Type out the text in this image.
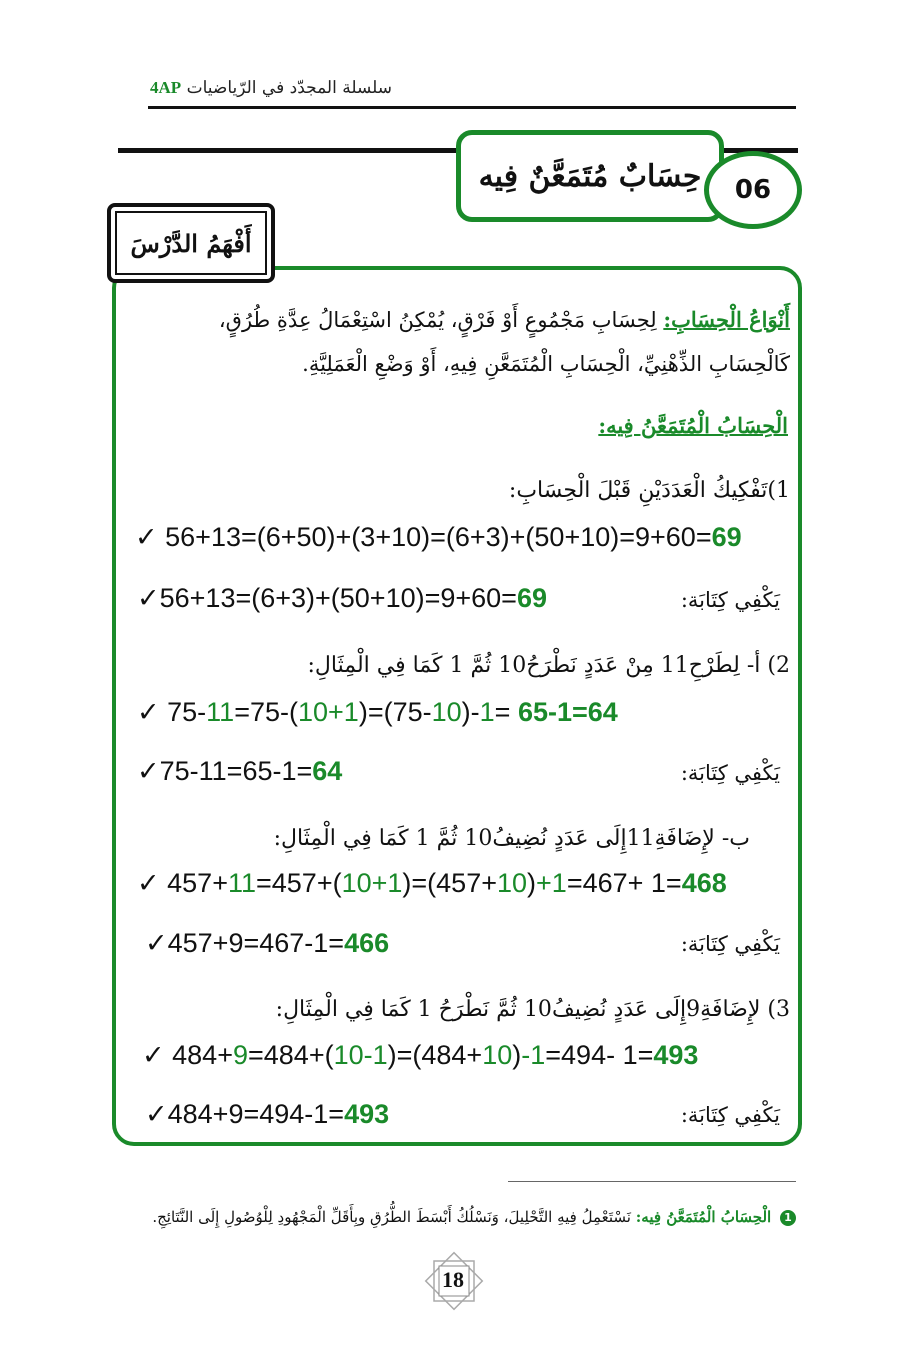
سلسلة المجدّد في الرّياضيات 4AP
حِسَابٌ مُتَمَعَّنٌ فِيه	06
أَفْهَمُ الدَّرْسَ
أَنْوَاعُ الْحِسَابِ: لِحِسَابِ مَجْمُوعٍ أَوْ فَرْقٍ، يُمْكِنُ اسْتِعْمَالُ عِدَّةِ طُرُقٍ،
كَالْحِسَابِ الذِّهْنِيِّ، الْحِسَابِ الْمُتَمَعَّنِ فِيهِ، أَوْ وَضْعِ الْعَمَلِيَّةِ.
الْحِسَابُ الْمُتَمَعَّنُ فِيه:
1)تَفْكِيكُ الْعَدَدَيْنِ قَبْلَ الْحِسَابِ:
✓ 56+13=(6+50)+(3+10)=(6+3)+(50+10)=9+60=69
✓56+13=(6+3)+(50+10)=9+60=69	يَكْفِي كِتَابَة:
2) أ- لِطَرْحِ11 مِنْ عَدَدٍ نَطْرَحُ10 ثُمَّ 1 كَمَا فِي الْمِثَالِ:
✓ 75-11=75-(10+1)=(75-10)-1= 65-1=64
✓75-11=65-1=64	يَكْفِي كِتَابَة:
ب- لإِضَافَةِ11إِلَى عَدَدٍ نُضِيفُ10 ثُمَّ 1 كَمَا فِي الْمِثَالِ:
✓ 457+11=457+(10+1)=(457+10)+1=467+ 1=468
✓457+9=467-1=466	يَكْفِي كِتَابَة:
3) لإِضَافَةِ9إِلَى عَدَدٍ نُضِيفُ10 ثُمَّ نَطْرَحُ 1 كَمَا فِي الْمِثَالِ:
✓ 484+9=484+(10-1)=(484+10)-1=494- 1=493
✓484+9=494-1=493	يَكْفِي كِتَابَة:
1 الْحِسَابُ الْمُتَمَعَّنُ فِيه: نَسْتَعْمِلُ فِيهِ التَّحْلِيلَ، وَنَسْلُكُ أَبْسَطَ الطُّرُقِ وبِأَقَلِّ الْمَجْهُودِ لِلْوُصُولِ إِلَى النَّتَائِجِ.
18
